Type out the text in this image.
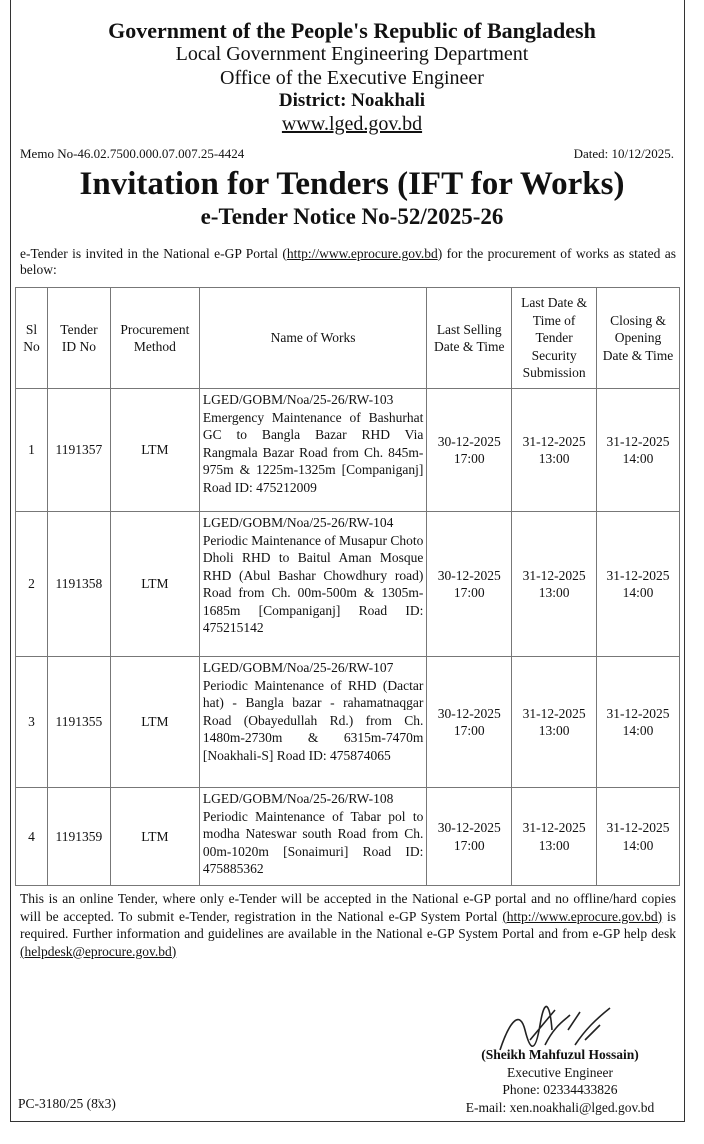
Government of the People's Republic of Bangladesh
Local Government Engineering Department
Office of the Executive Engineer
District: Noakhali
www.lged.gov.bd
Memo No-46.02.7500.000.07.007.25-4424	Dated: 10/12/2025.
Invitation for Tenders (IFT for Works)
e-Tender Notice No-52/2025-26
e-Tender is invited in the National e-GP Portal (http://www.eprocure.gov.bd) for the procurement of works as stated as below:
Sl No	Tender ID No	Procurement Method	Name of Works	Last Selling Date & Time	Last Date & Time of Tender Security Submission	Closing & Opening Date & Time
1	1191357	LTM	LGED/GOBM/Noa/25-26/RW-103 Emergency Maintenance of Bashurhat GC to Bangla Bazar RHD Via Rangmala Bazar Road from Ch. 845m-975m & 1225m-1325m [Companiganj] Road ID: 475212009	30-12-2025 17:00	31-12-2025 13:00	31-12-2025 14:00
2	1191358	LTM	LGED/GOBM/Noa/25-26/RW-104 Periodic Maintenance of Musapur Choto Dholi RHD to Baitul Aman Mosque RHD (Abul Bashar Chowdhury road) Road from Ch. 00m-500m & 1305m-1685m [Companiganj] Road ID: 475215142	30-12-2025 17:00	31-12-2025 13:00	31-12-2025 14:00
3	1191355	LTM	LGED/GOBM/Noa/25-26/RW-107 Periodic Maintenance of RHD (Dactar hat) - Bangla bazar - rahamatnaqgar Road (Obayedullah Rd.) from Ch. 1480m-2730m & 6315m-7470m [Noakhali-S] Road ID: 475874065	30-12-2025 17:00	31-12-2025 13:00	31-12-2025 14:00
4	1191359	LTM	LGED/GOBM/Noa/25-26/RW-108 Periodic Maintenance of Tabar pol to modha Nateswar south Road from Ch. 00m-1020m [Sonaimuri] Road ID: 475885362	30-12-2025 17:00	31-12-2025 13:00	31-12-2025 14:00
This is an online Tender, where only e-Tender will be accepted in the National e-GP portal and no offline/hard copies will be accepted. To submit e-Tender, registration in the National e-GP System Portal (http://www.eprocure.gov.bd) is required. Further information and guidelines are available in the National e-GP System Portal and from e-GP help desk (helpdesk@eprocure.gov.bd)
(Sheikh Mahfuzul Hossain)
Executive Engineer
Phone: 02334433826
E-mail: xen.noakhali@lged.gov.bd
PC-3180/25 (8̈x3)
